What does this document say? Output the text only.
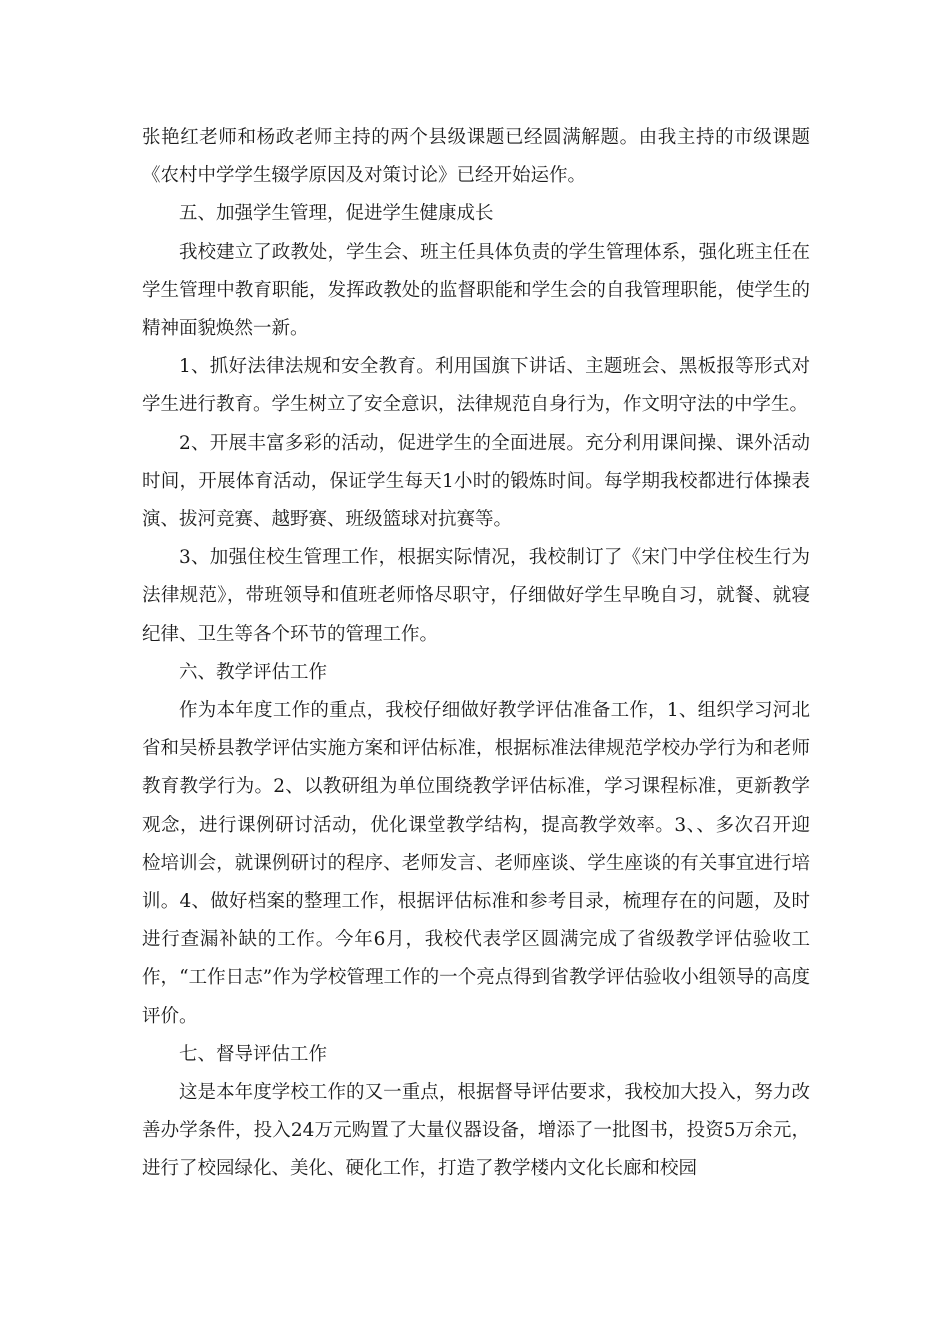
张艳红老师和杨政老师主持的两个县级课题已经圆满解题。由我主持的市级课题《农村中学学生辍学原因及对策讨论》已经开始运作。

五、加强学生管理，促进学生健康成长

我校建立了政教处，学生会、班主任具体负责的学生管理体系，强化班主任在学生管理中教育职能，发挥政教处的监督职能和学生会的自我管理职能，使学生的精神面貌焕然一新。

1、抓好法律法规和安全教育。利用国旗下讲话、主题班会、黑板报等形式对学生进行教育。学生树立了安全意识，法律规范自身行为，作文明守法的中学生。

2、开展丰富多彩的活动，促进学生的全面进展。充分利用课间操、课外活动时间，开展体育活动，保证学生每天1小时的锻炼时间。每学期我校都进行体操表演、拔河竞赛、越野赛、班级篮球对抗赛等。

3、加强住校生管理工作，根据实际情况，我校制订了《宋门中学住校生行为法律规范》，带班领导和值班老师恪尽职守，仔细做好学生早晚自习，就餐、就寝纪律、卫生等各个环节的管理工作。

六、教学评估工作

作为本年度工作的重点，我校仔细做好教学评估准备工作，1、组织学习河北省和吴桥县教学评估实施方案和评估标准，根据标准法律规范学校办学行为和老师教育教学行为。2、以教研组为单位围绕教学评估标准，学习课程标准，更新教学观念，进行课例研讨活动，优化课堂教学结构，提高教学效率。3、、多次召开迎检培训会，就课例研讨的程序、老师发言、老师座谈、学生座谈的有关事宜进行培训。4、做好档案的整理工作，根据评估标准和参考目录，梳理存在的问题，及时进行查漏补缺的工作。今年6月，我校代表学区圆满完成了省级教学评估验收工作，“工作日志”作为学校管理工作的一个亮点得到省教学评估验收小组领导的高度评价。

七、督导评估工作

这是本年度学校工作的又一重点，根据督导评估要求，我校加大投入，努力改善办学条件，投入24万元购置了大量仪器设备，增添了一批图书，投资5万余元，进行了校园绿化、美化、硬化工作，打造了教学楼内文化长廊和校园
